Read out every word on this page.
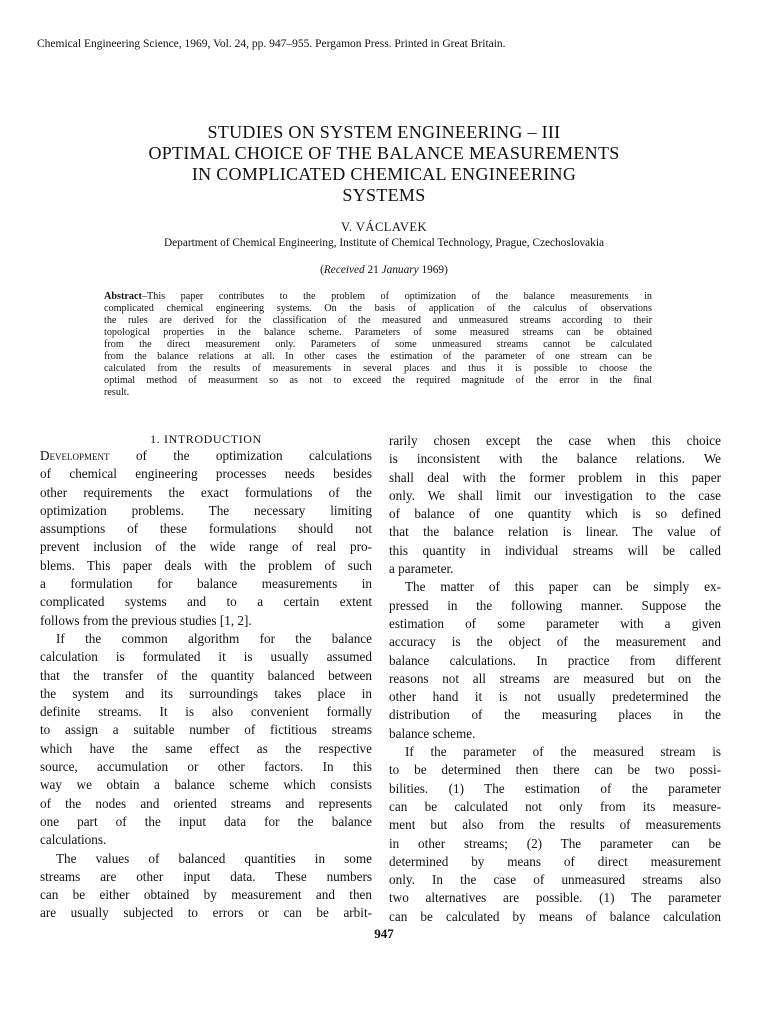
Chemical Engineering Science, 1969, Vol. 24, pp. 947–955. Pergamon Press. Printed in Great Britain.
STUDIES ON SYSTEM ENGINEERING – III
OPTIMAL CHOICE OF THE BALANCE MEASUREMENTS
IN COMPLICATED CHEMICAL ENGINEERING
SYSTEMS
V. VÁCLAVEK
Department of Chemical Engineering, Institute of Chemical Technology, Prague, Czechoslovakia
(Received 21 January 1969)
Abstract–This paper contributes to the problem of optimization of the balance measurements in
complicated chemical engineering systems. On the basis of application of the calculus of observations
the rules are derived for the classification of the measured and unmeasured streams according to their
topological properties in the balance scheme. Parameters of some measured streams can be obtained
from the direct measurement only. Parameters of some unmeasured streams cannot be calculated
from the balance relations at all. In other cases the estimation of the parameter of one stream can be
calculated from the results of measurements in several places and thus it is possible to choose the
optimal method of measurment so as not to exceed the required magnitude of the error in the final
result.
1. INTRODUCTION
Development of the optimization calculations
of chemical engineering processes needs besides
other requirements the exact formulations of the
optimization problems. The necessary limiting
assumptions of these formulations should not
prevent inclusion of the wide range of real pro-
blems. This paper deals with the problem of such
a formulation for balance measurements in
complicated systems and to a certain extent
follows from the previous studies [1, 2].
If the common algorithm for the balance
calculation is formulated it is usually assumed
that the transfer of the quantity balanced between
the system and its surroundings takes place in
definite streams. It is also convenient formally
to assign a suitable number of fictitious streams
which have the same effect as the respective
source, accumulation or other factors. In this
way we obtain a balance scheme which consists
of the nodes and oriented streams and represents
one part of the input data for the balance
calculations.
The values of balanced quantities in some
streams are other input data. These numbers
can be either obtained by measurement and then
are usually subjected to errors or can be arbit-
rarily chosen except the case when this choice
is inconsistent with the balance relations. We
shall deal with the former problem in this paper
only. We shall limit our investigation to the case
of balance of one quantity which is so defined
that the balance relation is linear. The value of
this quantity in individual streams will be called
a parameter.
The matter of this paper can be simply ex-
pressed in the following manner. Suppose the
estimation of some parameter with a given
accuracy is the object of the measurement and
balance calculations. In practice from different
reasons not all streams are measured but on the
other hand it is not usually predetermined the
distribution of the measuring places in the
balance scheme.
If the parameter of the measured stream is
to be determined then there can be two possi-
bilities. (1) The estimation of the parameter
can be calculated not only from its measure-
ment but also from the results of measurements
in other streams; (2) The parameter can be
determined by means of direct measurement
only. In the case of unmeasured streams also
two alternatives are possible. (1) The parameter
can be calculated by means of balance calculation
947
